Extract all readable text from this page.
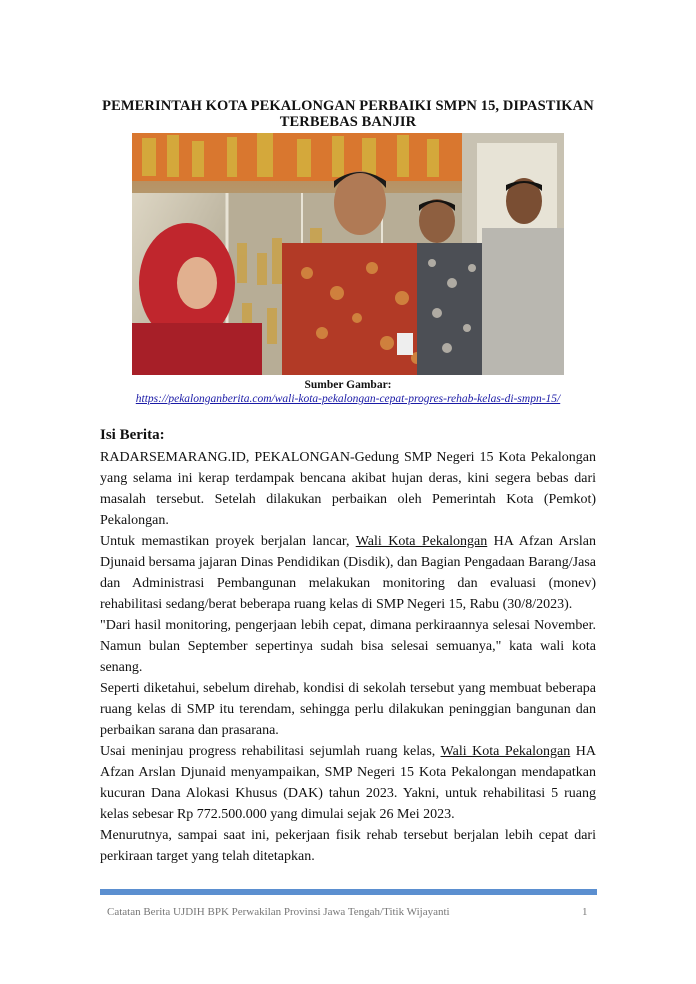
PEMERINTAH KOTA PEKALONGAN PERBAIKI SMPN 15, DIPASTIKAN TERBEBAS BANJIR
Sumber Gambar:
https://pekalonganberita.com/wali-kota-pekalongan-cepat-progres-rehab-kelas-di-smpn-15/
Isi Berita:

RADARSEMARANG.ID, PEKALONGAN-Gedung SMP Negeri 15 Kota Pekalongan yang selama ini kerap terdampak bencana akibat hujan deras, kini segera bebas dari masalah tersebut. Setelah dilakukan perbaikan oleh Pemerintah Kota (Pemkot) Pekalongan.

Untuk memastikan proyek berjalan lancar, Wali Kota Pekalongan HA Afzan Arslan Djunaid bersama jajaran Dinas Pendidikan (Disdik), dan Bagian Pengadaan Barang/Jasa dan Administrasi Pembangunan melakukan monitoring dan evaluasi (monev) rehabilitasi sedang/berat beberapa ruang kelas di SMP Negeri 15, Rabu (30/8/2023).

"Dari hasil monitoring, pengerjaan lebih cepat, dimana perkiraannya selesai November. Namun bulan September sepertinya sudah bisa selesai semuanya," kata wali kota senang.

Seperti diketahui, sebelum direhab, kondisi di sekolah tersebut yang membuat beberapa ruang kelas di SMP itu terendam, sehingga perlu dilakukan peninggian bangunan dan perbaikan sarana dan prasarana.

Usai meninjau progress rehabilitasi sejumlah ruang kelas, Wali Kota Pekalongan HA Afzan Arslan Djunaid menyampaikan, SMP Negeri 15 Kota Pekalongan mendapatkan kucuran Dana Alokasi Khusus (DAK) tahun 2023. Yakni, untuk rehabilitasi 5 ruang kelas sebesar Rp 772.500.000 yang dimulai sejak 26 Mei 2023.

Menurutnya, sampai saat ini, pekerjaan fisik rehab tersebut berjalan lebih cepat dari perkiraan target yang telah ditetapkan.

Catatan Berita UJDIH BPK Perwakilan Provinsi Jawa Tengah/Titik Wijayanti	1
